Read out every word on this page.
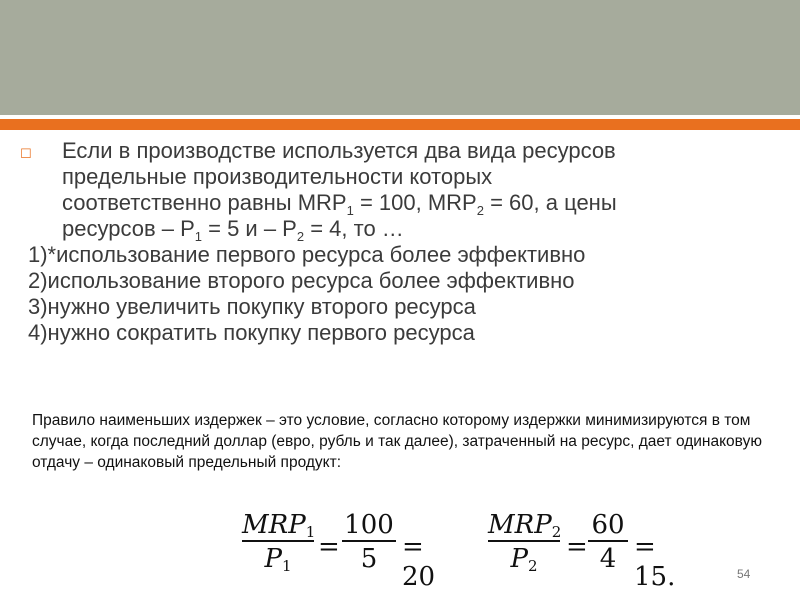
☐ Если в производстве используется два вида ресурсов
предельные производительности которых
соответственно равны $MRP_1 = 100$, $MRP_2 = 60$, а цены
ресурсов – $P_1 = 5$ $и - P_2 = 4$, то …
1)*использование первого ресурса более эффективно
2)использование второго ресурса более эффективно
3)нужно увеличить покупку второго ресурса
4)нужно сократить покупку первого ресурса
Правило наименьших издержек – это условие, согласно которому издержки минимизируются в том случае, когда последний доллар (евро, рубль и так далее), затраченный на ресурс, дает одинаковую отдачу – одинаковый предельный продукт:
$MRP_1$
$P_1$
= $\frac{100}{5} = 20$
$MRP_2$
$P_2$
= $\frac{60}{4} = 15$.	54
